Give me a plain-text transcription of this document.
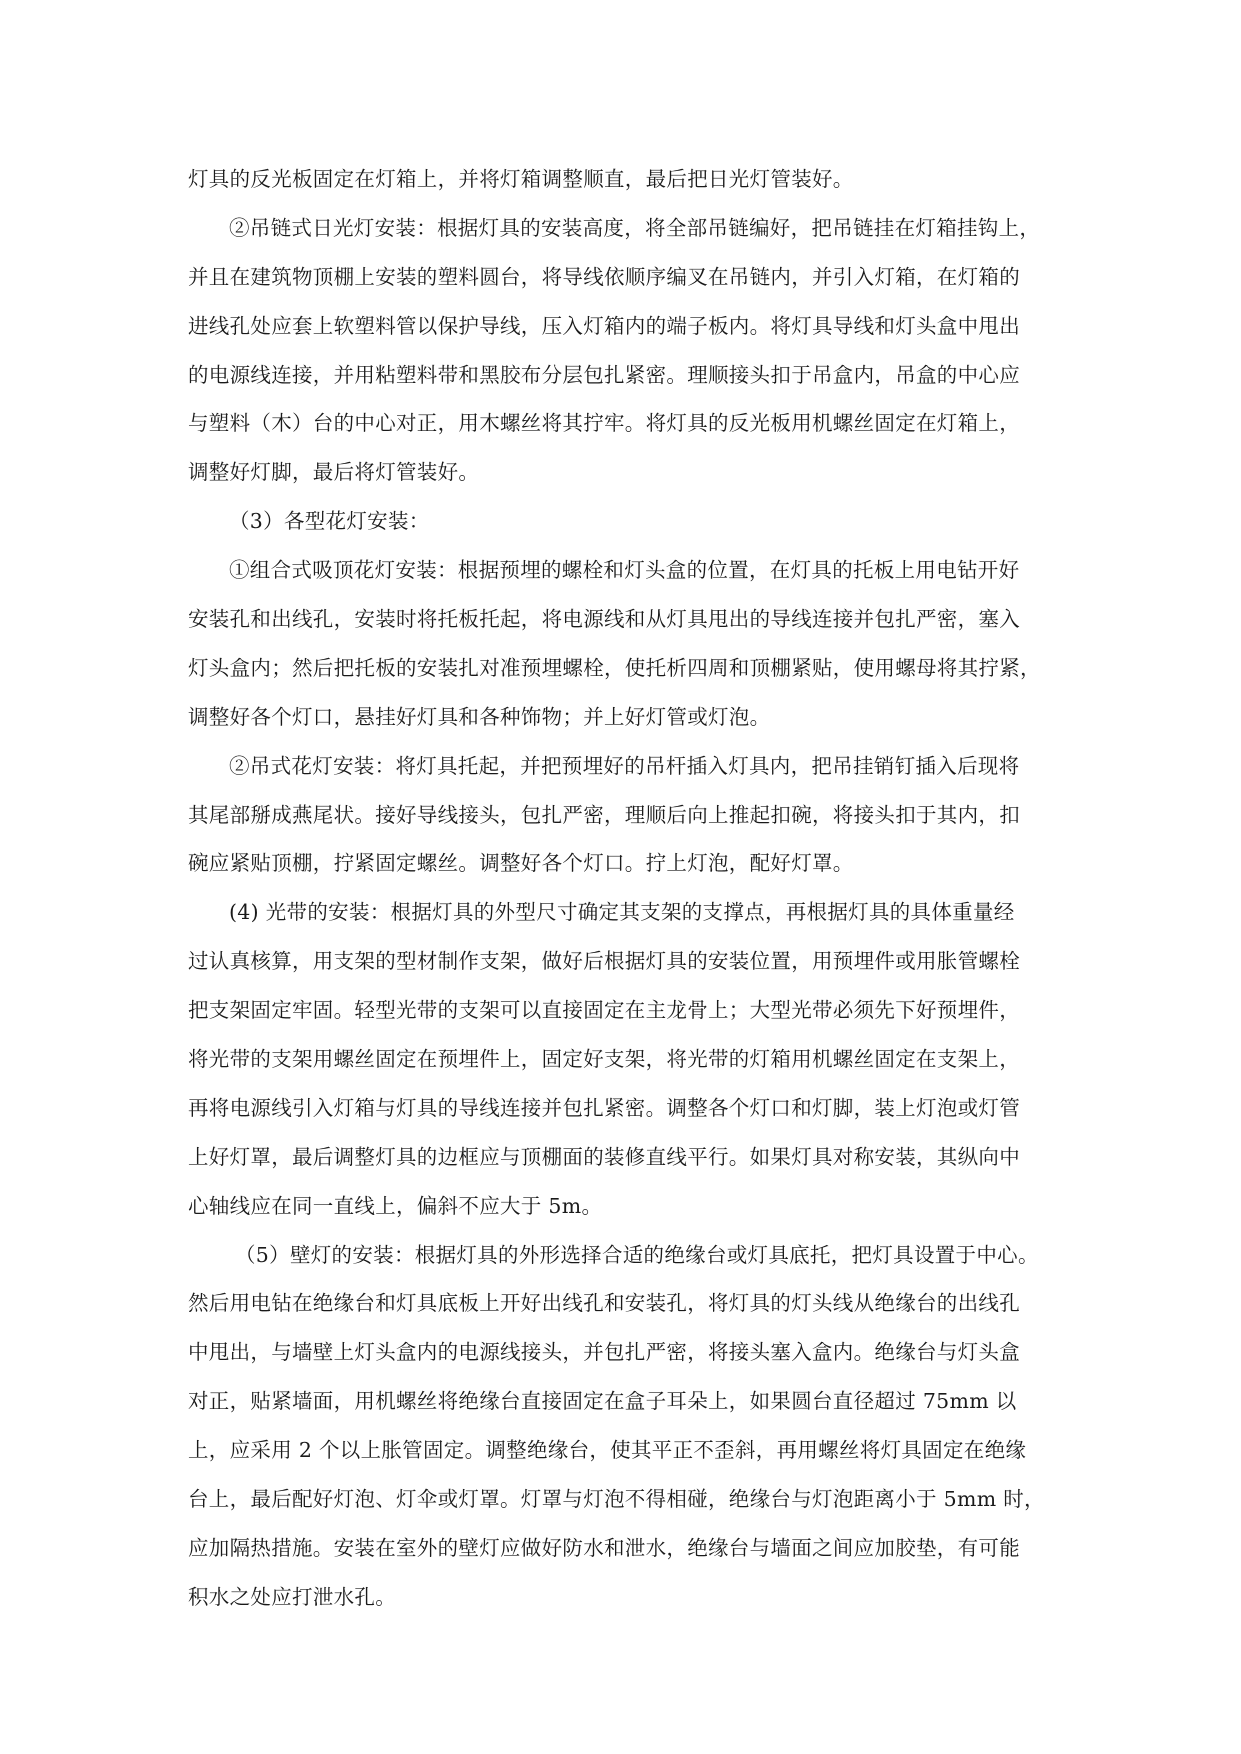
灯具的反光板固定在灯箱上，并将灯箱调整顺直，最后把日光灯管装好。
②吊链式日光灯安装：根据灯具的安装高度，将全部吊链编好，把吊链挂在灯箱挂钩上，
并且在建筑物顶棚上安装的塑料圆台，将导线依顺序编叉在吊链内，并引入灯箱，在灯箱的
进线孔处应套上软塑料管以保护导线，压入灯箱内的端子板内。将灯具导线和灯头盒中甩出
的电源线连接，并用粘塑料带和黑胶布分层包扎紧密。理顺接头扣于吊盒内，吊盒的中心应
与塑料（木）台的中心对正，用木螺丝将其拧牢。将灯具的反光板用机螺丝固定在灯箱上，
调整好灯脚，最后将灯管装好。
（3）各型花灯安装：
①组合式吸顶花灯安装：根据预埋的螺栓和灯头盒的位置，在灯具的托板上用电钻开好
安装孔和出线孔，安装时将托板托起，将电源线和从灯具甩出的导线连接并包扎严密，塞入
灯头盒内；然后把托板的安装扎对准预埋螺栓，使托析四周和顶棚紧贴，使用螺母将其拧紧，
调整好各个灯口，悬挂好灯具和各种饰物；并上好灯管或灯泡。
②吊式花灯安装：将灯具托起，并把预埋好的吊杆插入灯具内，把吊挂销钉插入后现将
其尾部掰成燕尾状。接好导线接头，包扎严密，理顺后向上推起扣碗，将接头扣于其内，扣
碗应紧贴顶棚，拧紧固定螺丝。调整好各个灯口。拧上灯泡，配好灯罩。
(4) 光带的安装：根据灯具的外型尺寸确定其支架的支撑点，再根据灯具的具体重量经
过认真核算，用支架的型材制作支架，做好后根据灯具的安装位置，用预埋件或用胀管螺栓
把支架固定牢固。轻型光带的支架可以直接固定在主龙骨上；大型光带必须先下好预埋件，
将光带的支架用螺丝固定在预埋件上，固定好支架，将光带的灯箱用机螺丝固定在支架上，
再将电源线引入灯箱与灯具的导线连接并包扎紧密。调整各个灯口和灯脚，装上灯泡或灯管
上好灯罩，最后调整灯具的边框应与顶棚面的装修直线平行。如果灯具对称安装，其纵向中
心轴线应在同一直线上，偏斜不应大于 5m。
（5）壁灯的安装：根据灯具的外形选择合适的绝缘台或灯具底托，把灯具设置于中心。
然后用电钻在绝缘台和灯具底板上开好出线孔和安装孔，将灯具的灯头线从绝缘台的出线孔
中甩出，与墙壁上灯头盒内的电源线接头，并包扎严密，将接头塞入盒内。绝缘台与灯头盒
对正，贴紧墙面，用机螺丝将绝缘台直接固定在盒子耳朵上，如果圆台直径超过 75mm 以
上，应采用 2 个以上胀管固定。调整绝缘台，使其平正不歪斜，再用螺丝将灯具固定在绝缘
台上，最后配好灯泡、灯伞或灯罩。灯罩与灯泡不得相碰，绝缘台与灯泡距离小于 5mm 时，
应加隔热措施。安装在室外的壁灯应做好防水和泄水，绝缘台与墙面之间应加胶垫，有可能
积水之处应打泄水孔。
